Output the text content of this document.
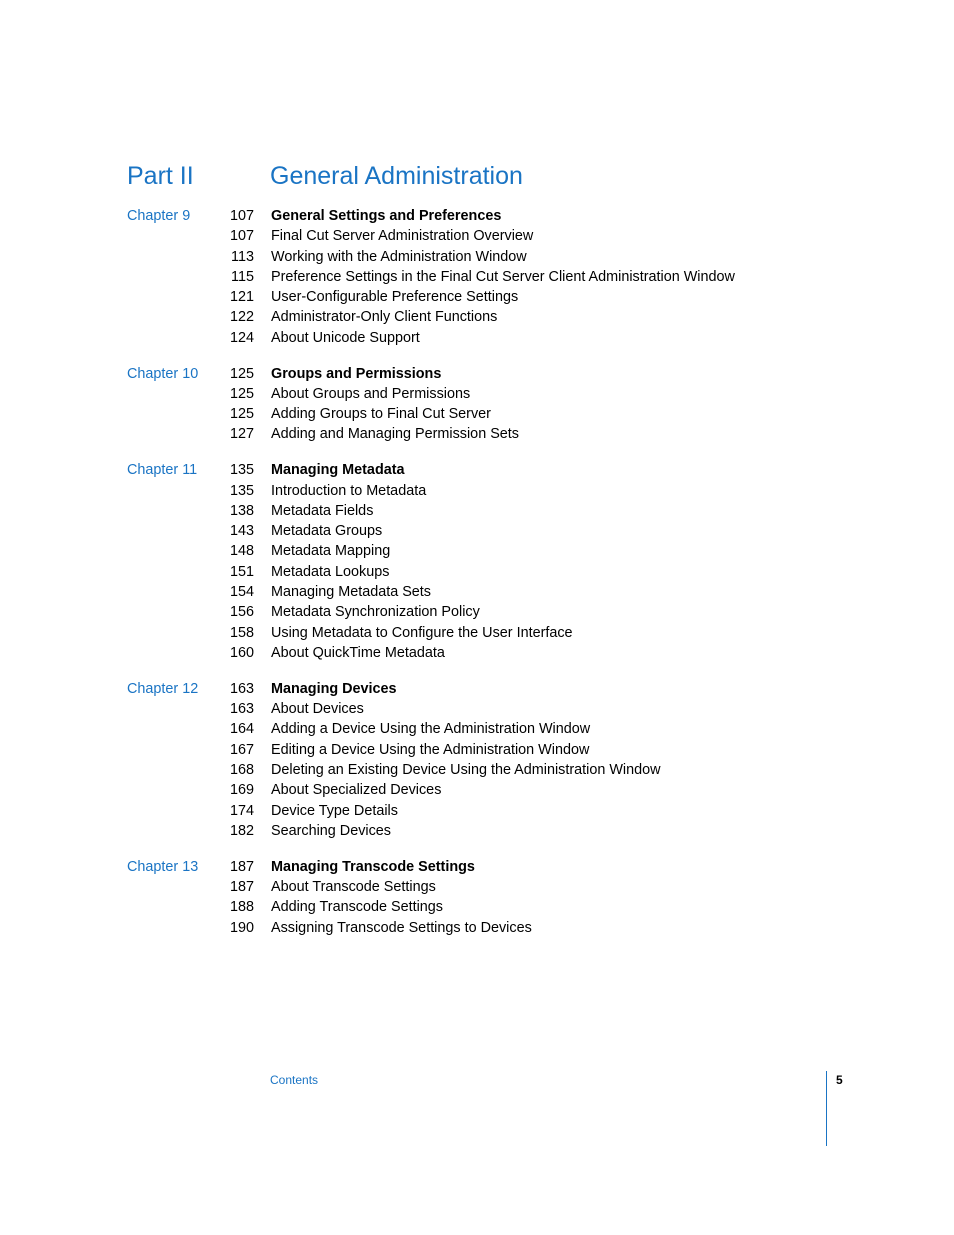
Part II	General Administration
Chapter 9	107 General Settings and Preferences
107 Final Cut Server Administration Overview
113 Working with the Administration Window
115 Preference Settings in the Final Cut Server Client Administration Window
121 User-Configurable Preference Settings
122 Administrator-Only Client Functions
124 About Unicode Support
Chapter 10 125 Groups and Permissions
125 About Groups and Permissions
125 Adding Groups to Final Cut Server
127 Adding and Managing Permission Sets
Chapter 11 135 Managing Metadata
135 Introduction to Metadata
138 Metadata Fields
143 Metadata Groups
148 Metadata Mapping
151 Metadata Lookups
154 Managing Metadata Sets
156 Metadata Synchronization Policy
158 Using Metadata to Configure the User Interface
160 About QuickTime Metadata
Chapter 12 163 Managing Devices
163 About Devices
164 Adding a Device Using the Administration Window
167 Editing a Device Using the Administration Window
168 Deleting an Existing Device Using the Administration Window
169 About Specialized Devices
174 Device Type Details
182 Searching Devices
Chapter 13 187 Managing Transcode Settings
187 About Transcode Settings
188 Adding Transcode Settings
190 Assigning Transcode Settings to Devices
Contents	5
